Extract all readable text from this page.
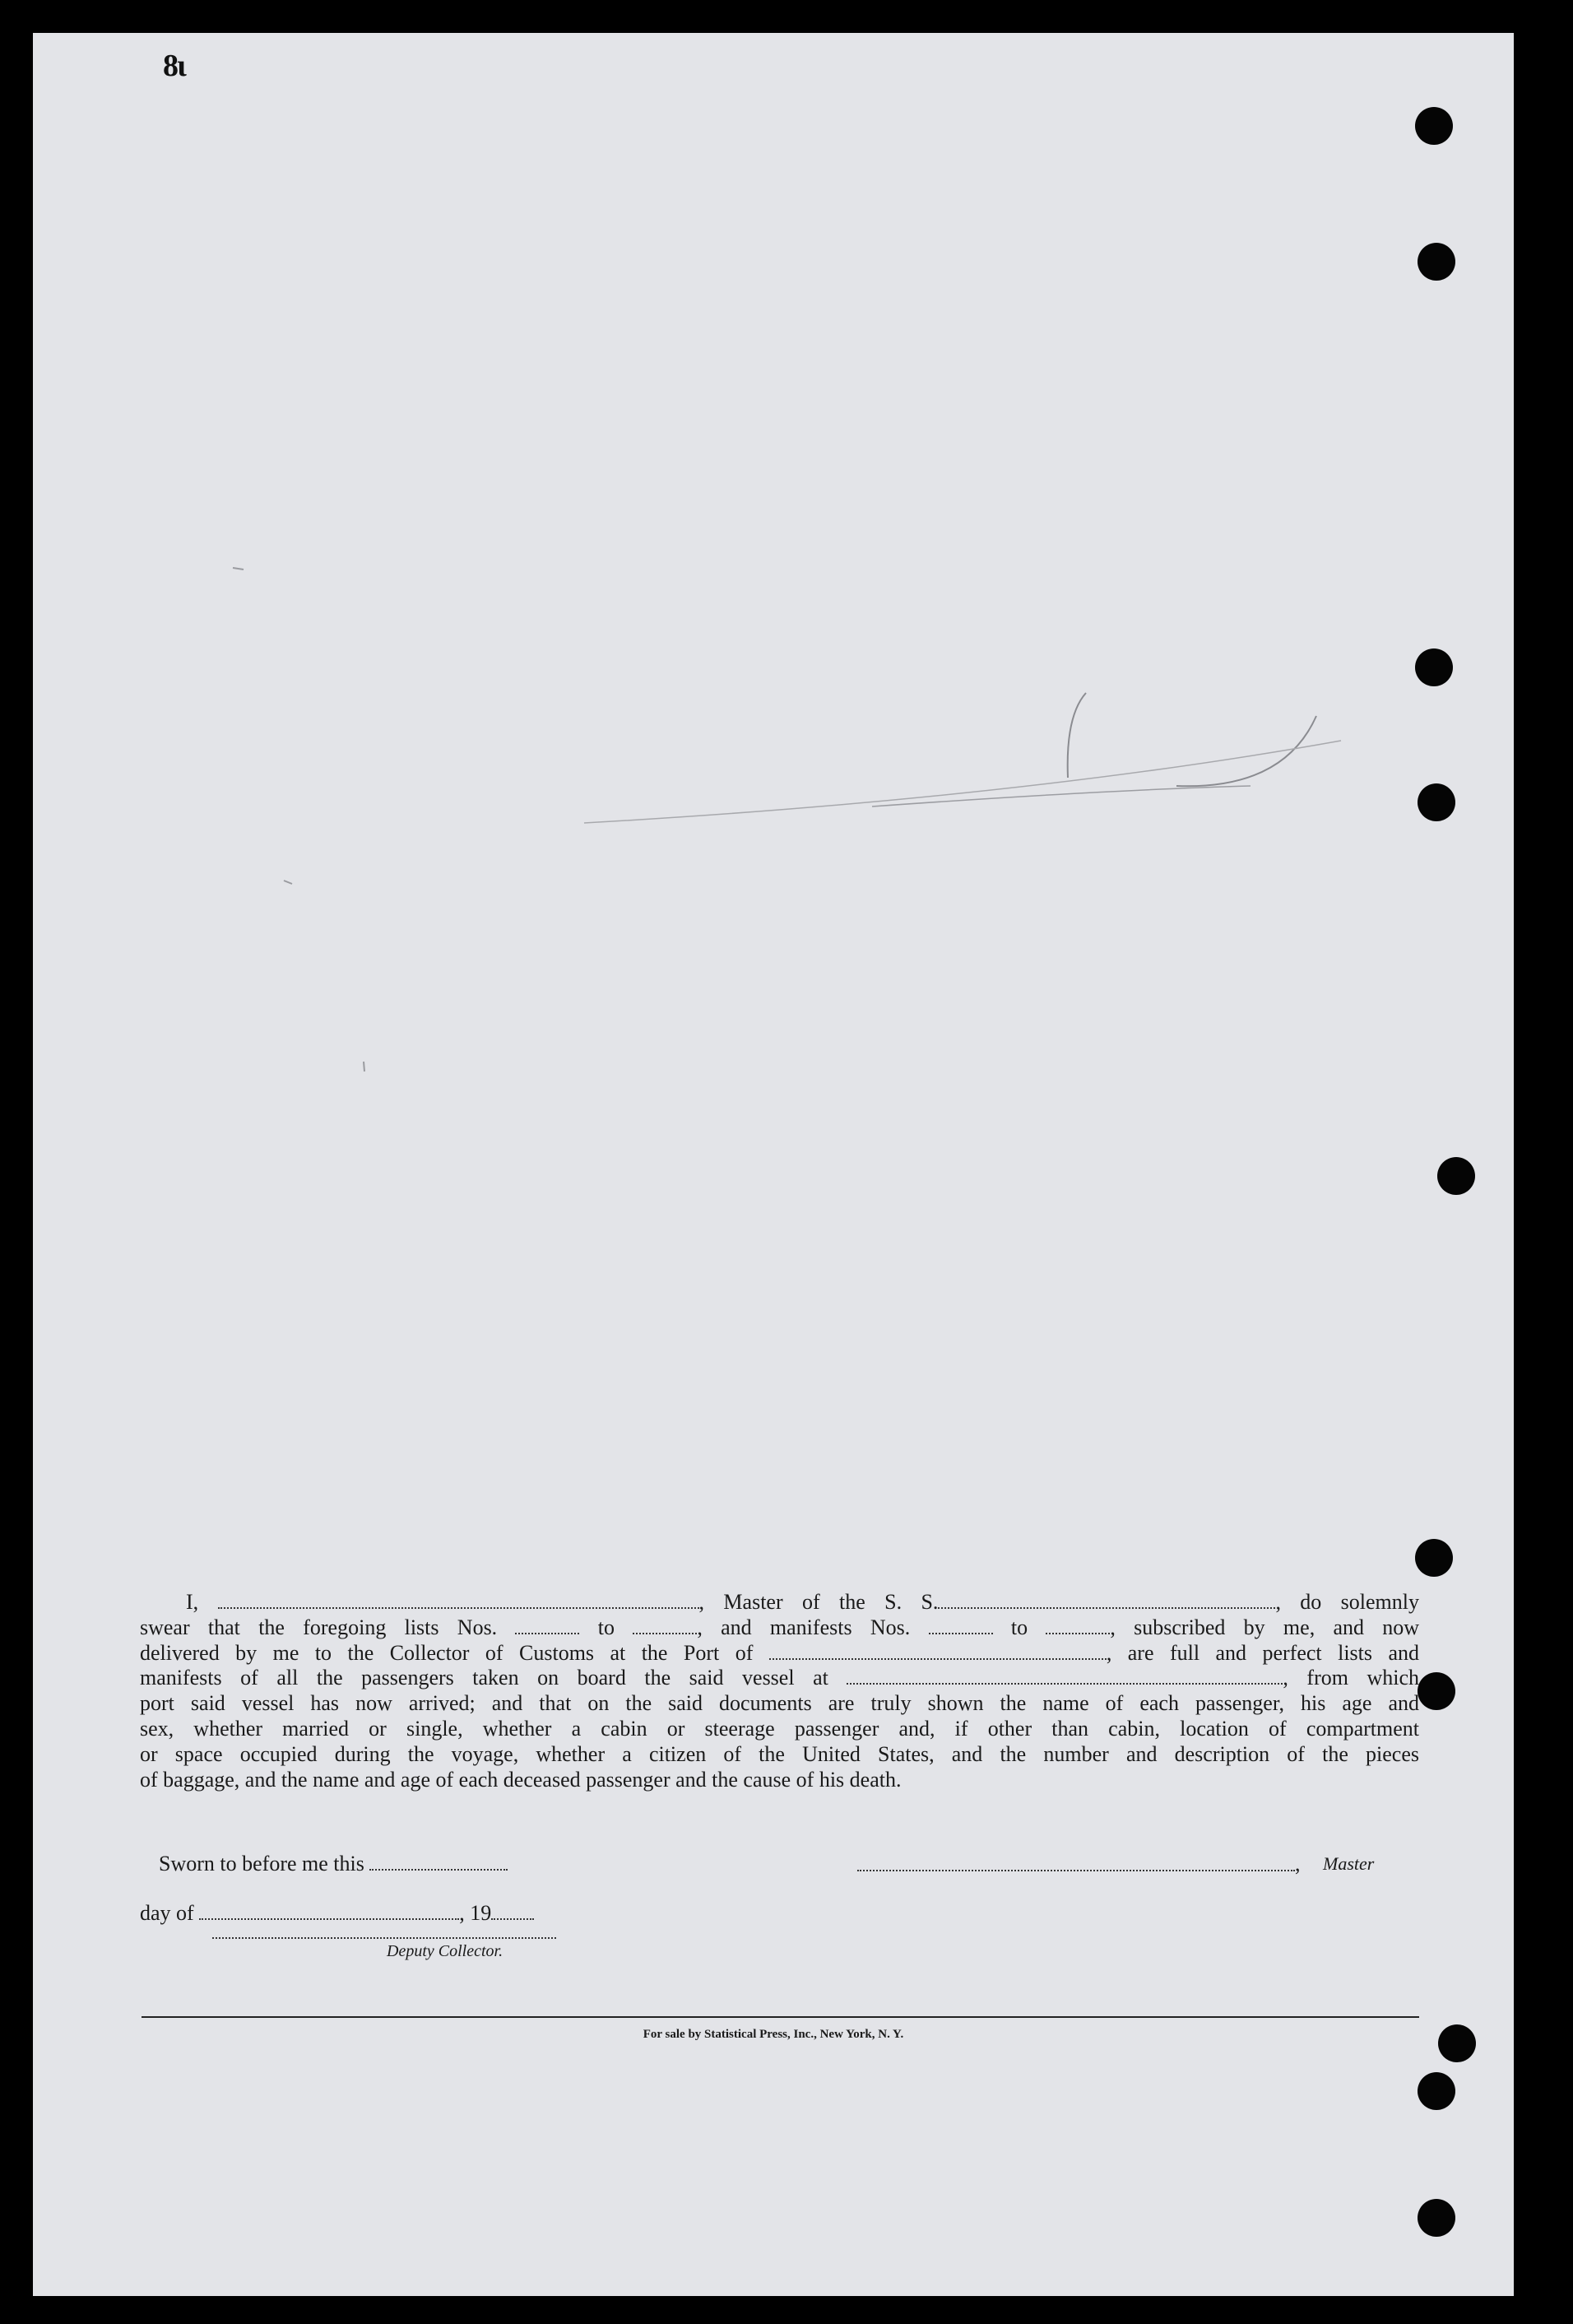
8ɩ
I,	, Master of the S. S.	, do solemnly
swear that the foregoing lists Nos.	to	, and manifests Nos.	to	, subscribed by me, and now
delivered by me to the Collector of Customs at the Port of	, are full and perfect lists and
manifests of all the passengers taken on board the said vessel at	, from which
port said vessel has now arrived; and that on the said documents are truly shown the name of each passenger, his age and
sex, whether married or single, whether a cabin or steerage passenger and, if other than cabin, location of compartment
or space occupied during the voyage, whether a citizen of the United States, and the number and description of the pieces
of baggage, and the name and age of each deceased passenger and the cause of his death.
Sworn to before me this	, Master
day of	, 19
Deputy Collector.
For sale by Statistical Press, Inc., New York, N. Y.
